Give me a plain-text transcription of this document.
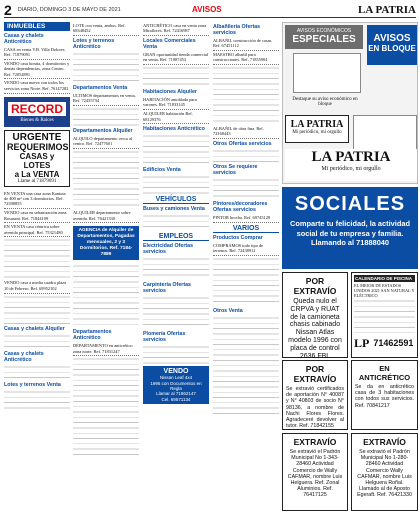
2 DIARIO, DOMINGO 3 DE MAYO DE 2021	AVISOS	LA PATRIA
INMUEBLES
Casas y chalets Anticrético
CASA en venta V.B. Villa Dolores Ref. 71879091
VENDO casa bonita, 4 dormitorios y demás dependencias, zona Centro. Ref. 72054891
VENDO casa nueva con todos los servicios zona Norte. Ref. 76147282
RECORD
Bienes & Raíces
URGENTE
REQUERIMOS
CASAS y LOTES
a La VENTA
Llame al 71879091
EN VENTA una casa zona Kantuta de 400 m² con 3 dormitorios. Ref. 72398855
VENDO casa en urbanización zona Rosasani. Ref. 71844109
EN VENTA casa céntrica sobre avenida principal. Ref. 75321480
VENDO casa a media cuadra plaza 10 de Febrero. Ref. 69952102
Casas y chalets Alquiler
Casas y chalets Anticrético
Lotes y terrenos Venta
LOTE con venta, ambos. Ref. 68348452
Lotes y terrenos Anticrético
Departamentos Venta
ULTIMOS departamentos en venta. Ref. 72455734
Departamentos Alquiler
ALQUILO departamento cerca al centro. Ref. 72477601
ALQUILER departamento sobre avenida. Ref. 76421330
AGENCIA de Alquiler de Departamentos, Pagadas mensuales, 2 y 3 Dormitorios. Ref. 7184-7889
Departamentos Anticrético
DEPARTAMENTO en anticrético zona norte. Ref. 71831247
ANTICRÉTICO casa en venta zona Miraflores. Ref. 72416987
Locales Comerciales Venta
GRAN oportunidad tienda comercial en venta. Ref. 71887453
Habitaciones Alquiler
HABITACIÓN amoblada para varones. Ref. 71833145
ALQUILER habitación Ref. 68129376
Habitaciones Anticrético
Edificios Venta
VEHÍCULOS
Buses y camiones Venta
EMPLEOS
Electricidad Ofertas servicios
Carpintería Ofertas servicios
Plomería Ofertas servicios
VENDO
Nissan Leaf 4x4
1995 con Documentos en Regla
Llamar al 71862147
Cel. 69571134
Albañilería Ofertas servicios
ALBAÑIL construcción de casas. Ref. 67451112
MAESTRO albañil para construcciones. Ref. 71835904
ALBAÑIL de obra fina. Ref. 72168443
Otros Ofertas servicios
Otros Se requiere servicios
Pintores/decoradores Ofertas servicios
PINTOR brocha. Ref. 69745128
VARIOS
Productos Comprar
COMPRAMOS todo tipo de terrenos. Ref. 72438912
Otros Venta
AVISOS ECONÓMICOS
ESPECIALES	AVISOS
EN BLOQUE
Destaque su aviso económico en bloque
LA PATRIA
Mi periódico, mi orgullo
LA PATRIA
Mi periódico, mi orgullo
SOCIALES
Comparte tu felicidad, la actividad social de tu empresa y familia. Llamando al 71888040
POR EXTRAVÍO
Queda nulo el CRPVA y RUAT de la camioneta chasis cabinado Nissan Atlas modelo 1996 con placa de control 2636 FBL
CALENDARIO DE PISCINA
EL MEJOR DE ESTADOS UNIDOS 2021 SAN NATURAL Y ELÉCTRICO
LP 71462591
POR EXTRAVÍO
Se extravió certificados de aportación N° 40087 y N° 40803 de socio N° 98136, a nombre de Nachi Flores Flores. Agradeceré devolver al tutor. Ref. 71842155
EN ANTICRÉTICO
Se da en anticrético casa de 3 habitaciones con todos sus servicios. Ref. 70841217
EXTRAVÍO
Se extravió el Padrón Municipal No 1-343-28460 Actividad Comercio de Wally CAFMAR, nombre Luis Helguera. Ref. Zonal Aluminios. Ref. 76417125
EXTRAVÍO
Se extravió el Padrón Municipal No 1-280-28460 Actividad Comercio Wally CAFMAR, nombre Luis Helguera Roñal. Llamado al de Aposto Egeraft. Ref. 76421330
